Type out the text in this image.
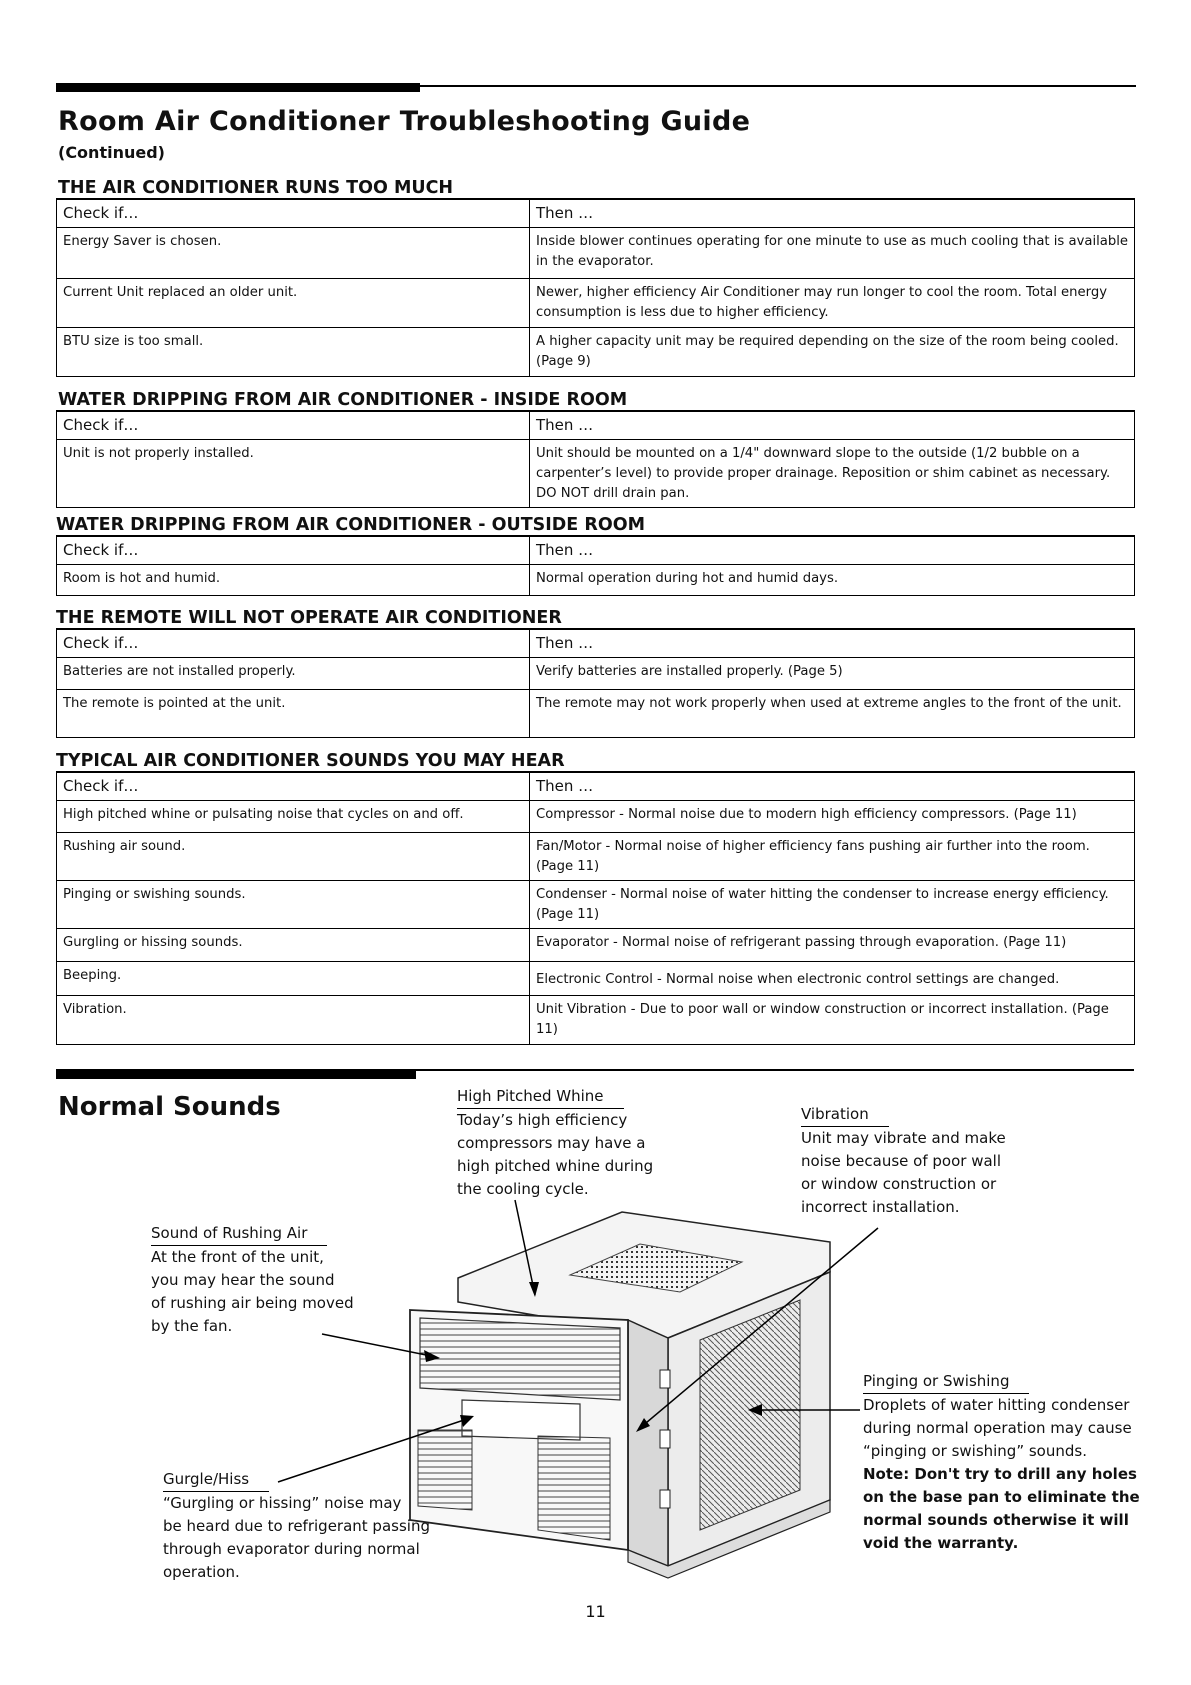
Room Air Conditioner Troubleshooting Guide
(Continued)
THE AIR CONDITIONER RUNS TOO MUCH
Check if…	Then …
Energy Saver is chosen.	Inside blower continues operating for one minute to use as much cooling that is available in the evaporator.
Current Unit replaced an older unit.	Newer, higher efficiency Air Conditioner may run longer to cool the room. Total energy consumption is less due to higher efficiency.
BTU size is too small.	A higher capacity unit may be required depending on the size of the room being cooled. (Page 9)
WATER DRIPPING FROM AIR CONDITIONER - INSIDE ROOM
Check if…	Then …
Unit is not properly installed.	Unit should be mounted on a 1/4" downward slope to the outside (1/2 bubble on a carpenter’s level) to provide proper drainage. Reposition or shim cabinet as necessary. DO NOT drill drain pan.
WATER DRIPPING FROM AIR CONDITIONER - OUTSIDE ROOM
Check if…	Then …
Room is hot and humid.	Normal operation during hot and humid days.
THE REMOTE WILL NOT OPERATE AIR CONDITIONER
Check if…	Then …
Batteries are not installed properly.	Verify batteries are installed properly. (Page 5)
The remote is pointed at the unit.	The remote may not work properly when used at extreme angles to the front of the unit.
TYPICAL AIR CONDITIONER SOUNDS YOU MAY HEAR
Check if…	Then …
High pitched whine or pulsating noise that cycles on and off.	Compressor - Normal noise due to modern high efficiency compressors. (Page 11)
Rushing air sound.	Fan/Motor - Normal noise of higher efficiency fans pushing air further into the room. (Page 11)
Pinging or swishing sounds.	Condenser - Normal noise of water hitting the condenser to increase energy efficiency. (Page 11)
Gurgling or hissing sounds.	Evaporator - Normal noise of refrigerant passing through evaporation. (Page 11)
Beeping.	Electronic Control - Normal noise when electronic control settings are changed.
Vibration.	Unit Vibration - Due to poor wall or window construction or incorrect installation. (Page 11)
Normal Sounds	High Pitched Whine
Today’s high efficiency
compressors may have a
high pitched whine during
the cooling cycle.
Vibration
Unit may vibrate and make
noise because of poor wall
or window construction or
incorrect installation.
Sound of Rushing Air
At the front of the unit,
you may hear the sound
of rushing air being moved
by the fan.
Pinging or Swishing
Droplets of water hitting condenser
during normal operation may cause
“pinging or swishing” sounds.
Note: Don't try to drill any holes
on the base pan to eliminate the
normal sounds otherwise it will
void the warranty.
Gurgle/Hiss
“Gurgling or hissing” noise may
be heard due to refrigerant passing
through evaporator during normal
operation.
11
